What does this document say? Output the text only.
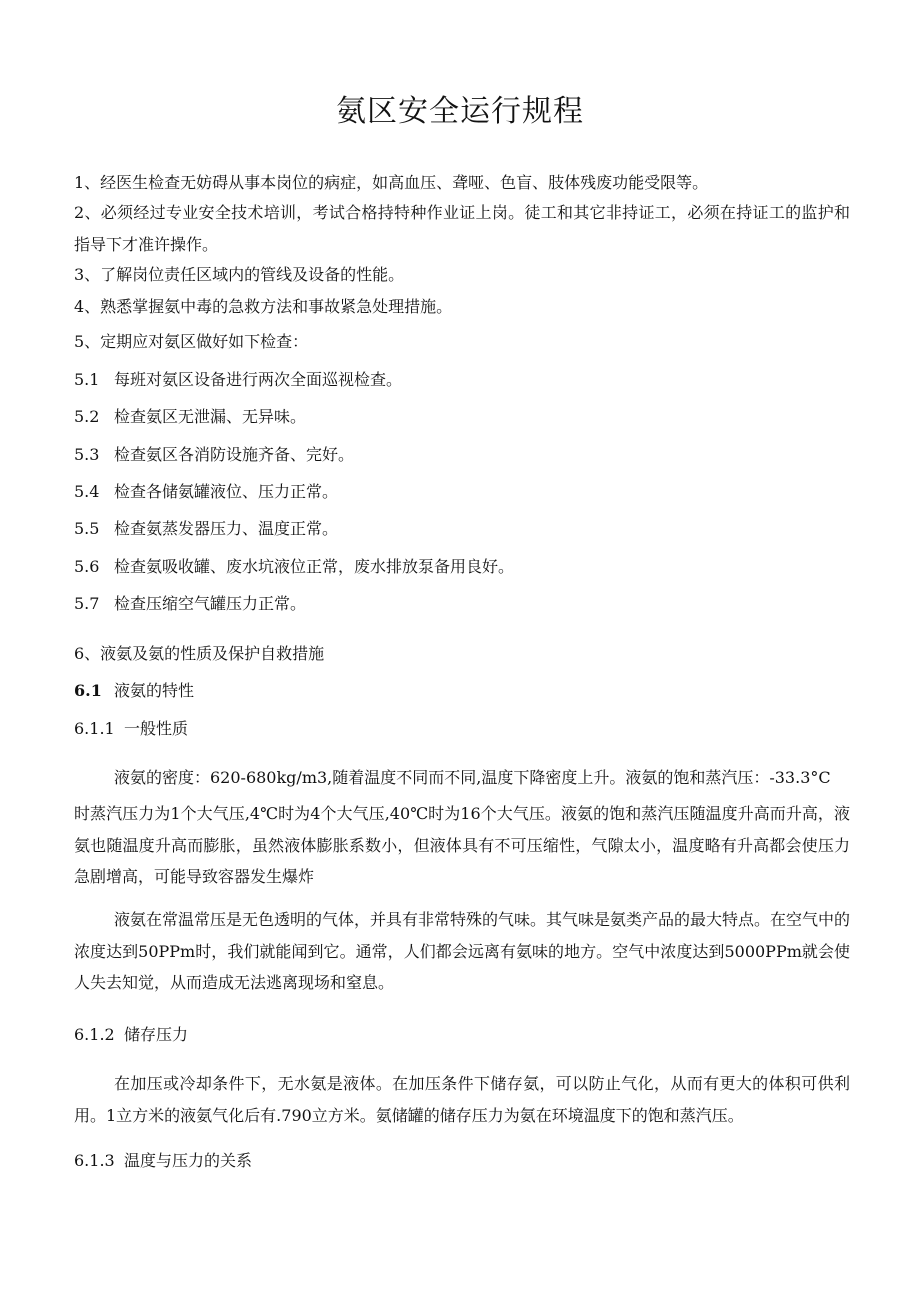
氨区安全运行规程
1、经医生检查无妨碍从事本岗位的病症，如高血压、聋哑、色盲、肢体残废功能受限等。

2、必须经过专业安全技术培训，考试合格持特种作业证上岗。徒工和其它非持证工，必须在持证工的监护和指导下才准许操作。

3、了解岗位责任区域内的管线及设备的性能。
4、熟悉掌握氨中毒的急救方法和事故紧急处理措施。
5、定期应对氨区做好如下检查：
5.1 每班对氨区设备进行两次全面巡视检查。
5.2 检查氨区无泄漏、无异味。
5.3 检查氨区各消防设施齐备、完好。
5.4 检查各储氨罐液位、压力正常。
5.5 检查氨蒸发器压力、温度正常。
5.6 检查氨吸收罐、废水坑液位正常，废水排放泵备用良好。
5.7 检查压缩空气罐压力正常。
6、液氨及氨的性质及保护自救措施
6.1 液氨的特性
6.1.1 一般性质
液氨的密度：620-680kg∕m3,随着温度不同而不同,温度下降密度上升。液氨的饱和蒸汽压：-33.3°C

时蒸汽压力为1个大气压,4℃时为4个大气压,40℃时为16个大气压。液氨的饱和蒸汽压随温度升高而升高，液氨也随温度升高而膨胀，虽然液体膨胀系数小，但液体具有不可压缩性，气隙太小，温度略有升高都会使压力急剧增高，可能导致容器发生爆炸

液氨在常温常压是无色透明的气体，并具有非常特殊的气味。其气味是氨类产品的最大特点。在空气中的浓度达到50PPm时，我们就能闻到它。通常，人们都会远离有氨味的地方。空气中浓度达到5000PPm就会使人失去知觉，从而造成无法逃离现场和窒息。

6.1.2 储存压力

在加压或冷却条件下，无水氨是液体。在加压条件下储存氨，可以防止气化，从而有更大的体积可供利用。1立方米的液氨气化后有.790立方米。氨储罐的储存压力为氨在环境温度下的饱和蒸汽压。

6.1.3 温度与压力的关系
